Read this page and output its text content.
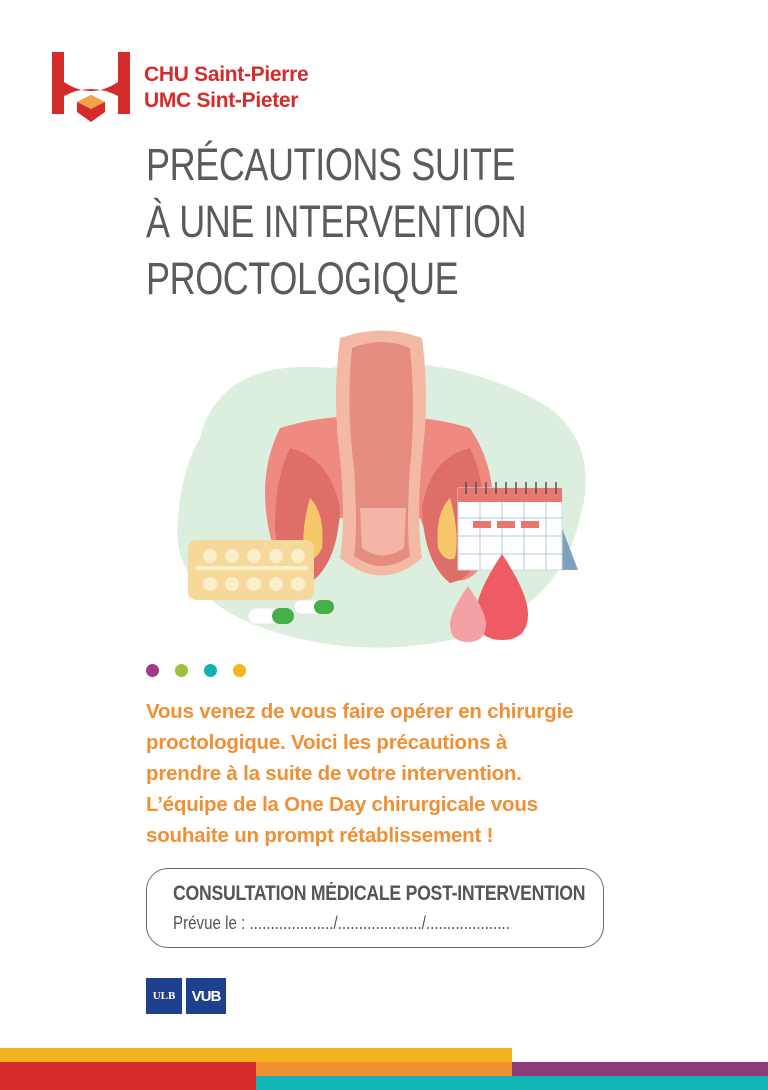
CHU Saint-Pierre
UMC Sint-Pieter
PRÉCAUTIONS SUITE
À UNE INTERVENTION
PROCTOLOGIQUE
Vous venez de vous faire opérer en chirurgie
proctologique. Voici les précautions à
prendre à la suite de votre intervention.
L’équipe de la One Day chirurgicale vous
souhaite un prompt rétablissement !
CONSULTATION MÉDICALE POST-INTERVENTION
Prévue le : ..................../..................../....................
ULB	VUB
